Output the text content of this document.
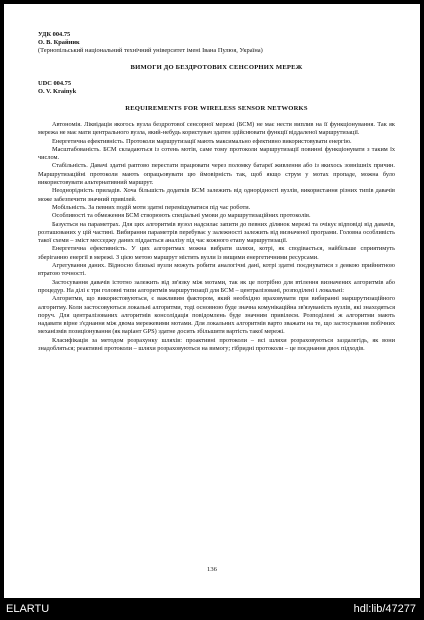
УДК 004.75

О. В. Крайник

(Тернопільський національний технічний університет імені Івана Пулюя, Україна)

ВИМОГИ ДО БЕЗДРОТОВИХ СЕНСОРНИХ МЕРЕЖ

UDC 004.75

O. V. Krainyk

REQUIREMENTS FOR WIRELESS SENSOR NETWORKS

Автономія. Ліквідація якогось вузла бездротової сенсорної мережі (БСМ) не має нести виплив на її функціонування. Так як мережа не має мати центрального вузла, який-небудь користувач здатен здійснювати функції віддаленої маршрутизації.

Енергетична ефективність. Протоколи маршрутизації мають максимально ефективно використовувати енергію.

Масштабованість. БСМ складаються із сотень мотів, саме тому протоколи маршрутизації повинні функціонувати з таким їх числом.

Стабільність. Давачі здатні раптово перестати працювати через поломку батареї живлення або із якихось зовнішніх причин. Маршрутизаційні протоколи мають опрацьовувати цю ймовірність так, щоб якщо струм у мотах пропаде, можна було використовувати альтернативний маршрут.

Неоднорідність приладів. Хоча більшість додатків БСМ залежить від однорідності вузлів, використання різних типів давачів може забезпечити значний привілей.

Мобільність. За певних подій моти здатні переміщуватися під час роботи.

Особливості та обмеження БСМ створюють спеціальні умови до маршрутизаційних протоколів.

Базується на параметрах. Для цих алгоритмів вузол надсилає запити до певних ділянок мережі та очікує відповіді від давачів, розташованих у цій частині. Вибирання параметрів перебуває у залежності залежить від визначеної програми. Головна особливість такої схеми – зміст месседжу даних піддається аналізу під час кожного етапу маршрутизації.

Енергетична ефективність. У цих алгоритмах можна вибрати шляхи, котрі, як сподівається, найбільше сприятимуть зберіганню енергії в мережі. З цією метою маршрут містить вузли із вищими енергетичними ресурсами.

Агрегування даних. Відносно близькі вузли можуть робити аналогічні дані, котрі здатні поєднуватися з деякою прийнятною втратою точності.

Застосування давачів істотно залежить від зв'язку між мотами, так як це потрібно для втілення визначених алгоритмів або процедур. На ділі є три головні типи алгоритмів маршрутизації для БСМ – централізовані, розподілені і локальні:

Алгоритми, що використовуються, є важливим фактором, який необхідно враховувати при вибиранні маршрутизаційного алгоритму. Коли застосовуються локальні алгоритми, тоді основною буде значна комунікаційна зв'язуваність вузлів, які знаходяться поруч. Для централізованих алгоритмів консолідація повідомлень буде значним привілеєм. Розподілені ж алгоритми мають надавати вірне з'єднання між двома мережевими мотами. Для локальних алгоритмів варто зважати на те, що застосування побічних механізмів позиціонування (як варіант GPS) здатне досить збільшити вартість такої мережі.

Класифікація за методом розрахунку шляхів: проактивні протоколи – всі шляхи розраховуються заздалегідь, як вони знадобляться; реактивні протоколи – шляхи розраховуються на вимогу; гібридні протоколи – це поєднання двох підходів.

136
ELARTU	hdl:lib/47277
